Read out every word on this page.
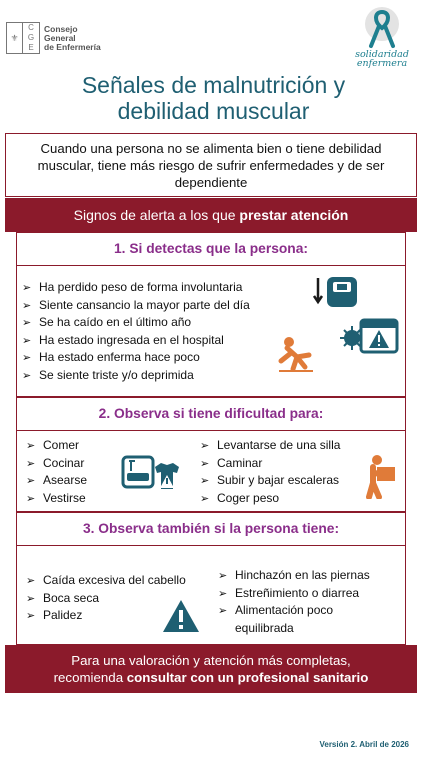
⚜
C
G
E
Consejo
General
de Enfermería
solidaridad
enfermera
Señales de malnutrición y
debilidad muscular
Cuando una persona no se alimenta bien o tiene debilidad muscular, tiene más riesgo de sufrir enfermedades y de ser dependiente
Signos de alerta a los que prestar atención
1. Si detectas que la persona:
➢ Ha perdido peso de forma involuntaria
➢ Siente cansancio la mayor parte del día
➢ Se ha caído en el último año
➢ Ha estado ingresada en el hospital
➢ Ha estado enferma hace poco
➢ Se siente triste y/o deprimida
2. Observa si tiene dificultad para:
➢ Comer
➢ Cocinar
➢ Asearse
➢ Vestirse
➢ Levantarse de una silla
➢ Caminar
➢ Subir y bajar escaleras
➢ Coger peso
3. Observa también si la persona tiene:
➢ Caída excesiva del cabello
➢ Boca seca
➢ Palidez
➢ Hinchazón en las piernas
➢ Estreñimiento o diarrea
➢ Alimentación poco equilibrada
Para una valoración y atención más completas,
recomienda consultar con un profesional sanitario
Versión 2. Abril de 2026
